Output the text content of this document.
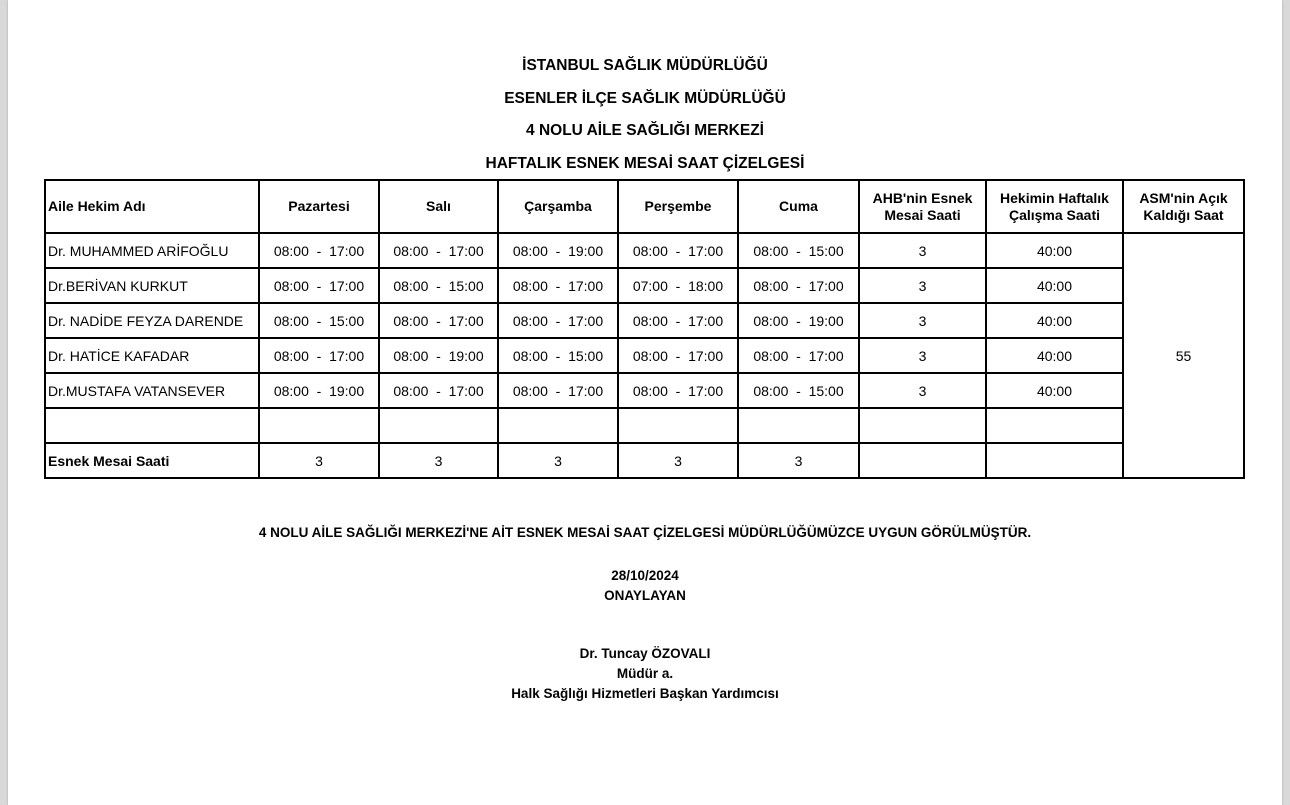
İSTANBUL SAĞLIK MÜDÜRLÜĞÜ
ESENLER İLÇE SAĞLIK MÜDÜRLÜĞÜ
4 NOLU AİLE SAĞLIĞI MERKEZİ
HAFTALIK ESNEK MESAİ SAAT ÇİZELGESİ
Aile Hekim Adı	Pazartesi	Salı	Çarşamba	Perşembe	Cuma	AHB'nin Esnek Mesai Saati	Hekimin Haftalık Çalışma Saati	ASM'nin Açık Kaldığı Saat
Dr. MUHAMMED ARİFOĞLU	08:00  -  17:00	08:00  -  17:00	08:00  -  19:00	08:00  -  17:00	08:00  -  15:00	3	40:00	55
Dr.BERİVAN KURKUT	08:00  -  17:00	08:00  -  15:00	08:00  -  17:00	07:00  -  18:00	08:00  -  17:00	3	40:00	
Dr. NADİDE FEYZA DARENDE	08:00  -  15:00	08:00  -  17:00	08:00  -  17:00	08:00  -  17:00	08:00  -  19:00	3	40:00	
Dr. HATİCE KAFADAR	08:00  -  17:00	08:00  -  19:00	08:00  -  15:00	08:00  -  17:00	08:00  -  17:00	3	40:00	
Dr.MUSTAFA VATANSEVER	08:00  -  19:00	08:00  -  17:00	08:00  -  17:00	08:00  -  17:00	08:00  -  15:00	3	40:00	

Esnek Mesai Saati	3	3	3	3	3			
4 NOLU AİLE SAĞLIĞI MERKEZİ'NE AİT ESNEK MESAİ SAAT ÇİZELGESİ MÜDÜRLÜĞÜMÜZCE UYGUN GÖRÜLMÜŞTÜR.
28/10/2024
ONAYLAYAN
Dr. Tuncay ÖZOVALI
Müdür a.
Halk Sağlığı Hizmetleri Başkan Yardımcısı
